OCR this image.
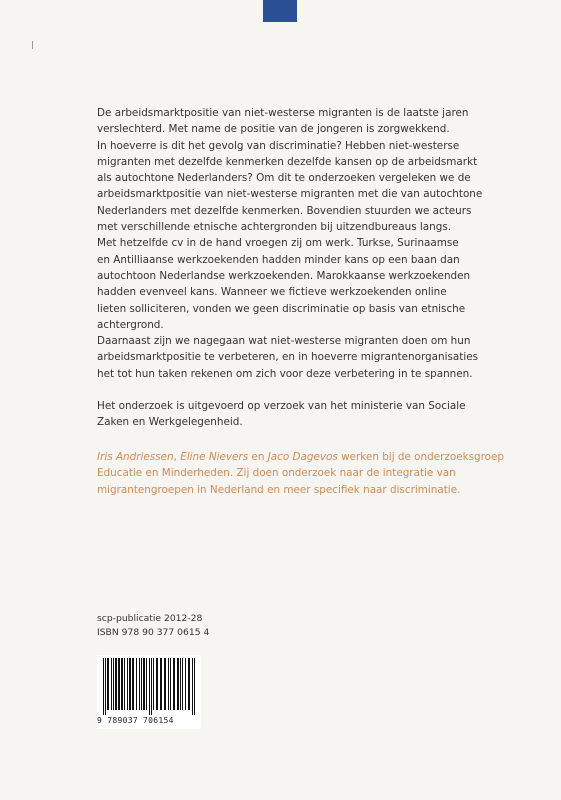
De arbeidsmarktpositie van niet-westerse migranten is de laatste jaren
verslechterd. Met name de positie van de jongeren is zorgwekkend.
In hoeverre is dit het gevolg van discriminatie? Hebben niet-westerse
migranten met dezelfde kenmerken dezelfde kansen op de arbeidsmarkt
als autochtone Nederlanders? Om dit te onderzoeken vergeleken we de
arbeidsmarktpositie van niet-westerse migranten met die van autochtone
Nederlanders met dezelfde kenmerken. Bovendien stuurden we acteurs
met verschillende etnische achtergronden bij uitzendbureaus langs.
Met hetzelfde cv in de hand vroegen zij om werk. Turkse, Surinaamse
en Antilliaanse werkzoekenden hadden minder kans op een baan dan
autochtoon Nederlandse werkzoekenden. Marokkaanse werkzoekenden
hadden evenveel kans. Wanneer we fictieve werkzoekenden online
lieten solliciteren, vonden we geen discriminatie op basis van etnische
achtergrond.
Daarnaast zijn we nagegaan wat niet-westerse migranten doen om hun
arbeidsmarktpositie te verbeteren, en in hoeverre migrantenorganisaties
het tot hun taken rekenen om zich voor deze verbetering in te spannen.
Het onderzoek is uitgevoerd op verzoek van het ministerie van Sociale
Zaken en Werkgelegenheid.
Iris Andriessen, Eline Nievers en Jaco Dagevos werken bij de onderzoeksgroep
Educatie en Minderheden. Zij doen onderzoek naar de integratie van
migrantengroepen in Nederland en meer specifiek naar discriminatie.
scp-publicatie 2012-28
ISBN 978 90 377 0615 4
9 789037 706154
